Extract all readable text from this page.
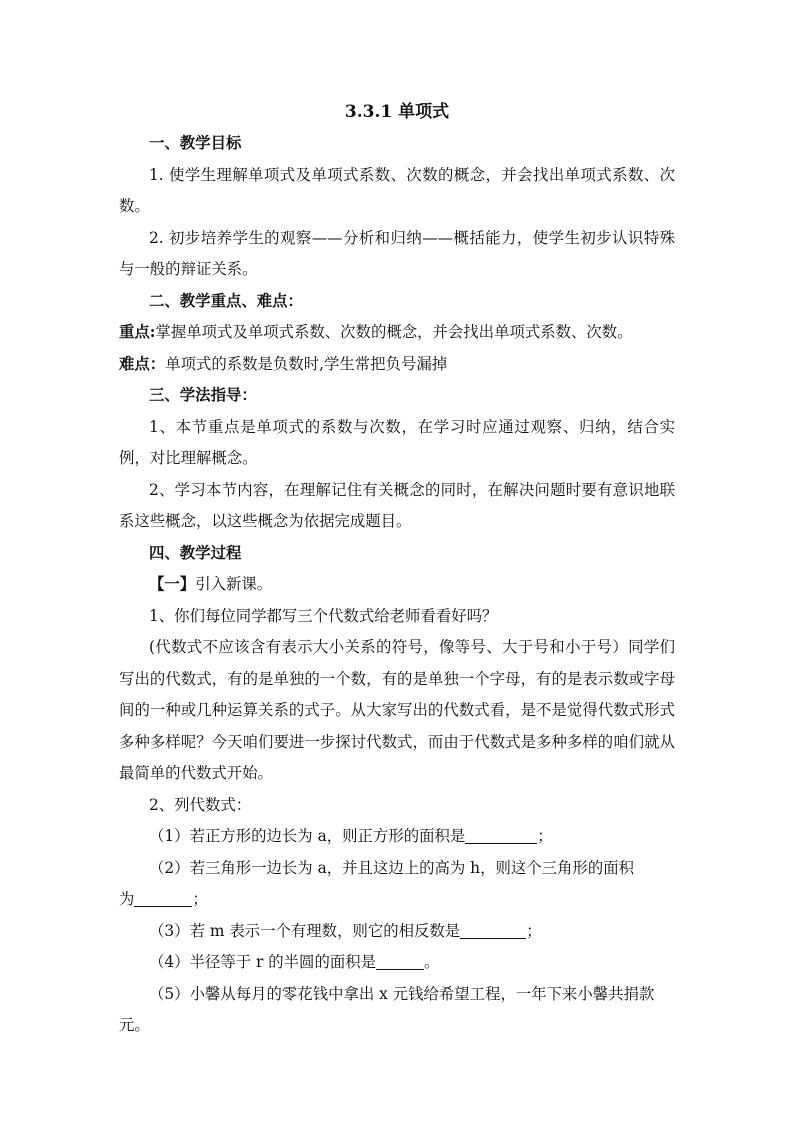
3.3.1 单项式

一、教学目标

1. 使学生理解单项式及单项式系数、次数的概念，并会找出单项式系数、次数。

2. 初步培养学生的观察——分析和归纳——概括能力，使学生初步认识特殊与一般的辩证关系。

二、教学重点、难点：

重点:掌握单项式及单项式系数、次数的概念，并会找出单项式系数、次数。

难点：单项式的系数是负数时,学生常把负号漏掉

三、学法指导：

1、本节重点是单项式的系数与次数，在学习时应通过观察、归纳，结合实例，对比理解概念。

2、学习本节内容，在理解记住有关概念的同时，在解决问题时要有意识地联系这些概念，以这些概念为依据完成题目。

四、教学过程

【一】引入新课。

1、你们每位同学都写三个代数式给老师看看好吗？

(代数式不应该含有表示大小关系的符号，像等号、大于号和小于号）同学们写出的代数式，有的是单独的一个数，有的是单独一个字母，有的是表示数或字母间的一种或几种运算关系的式子。从大家写出的代数式看，是不是觉得代数式形式多种多样呢？今天咱们要进一步探讨代数式，而由于代数式是多种多样的咱们就从最简单的代数式开始。

2、列代数式：

（1）若正方形的边长为 a，则正方形的面积是	；

（2）若三角形一边长为 a，并且这边上的高为 h，则这个三角形的面积

为	；

（3）若 m 表示一个有理数，则它的相反数是	；

（4）半径等于 r 的半圆的面积是	。

（5）小馨从每月的零花钱中拿出 x 元钱给希望工程，一年下来小馨共捐款

元。
